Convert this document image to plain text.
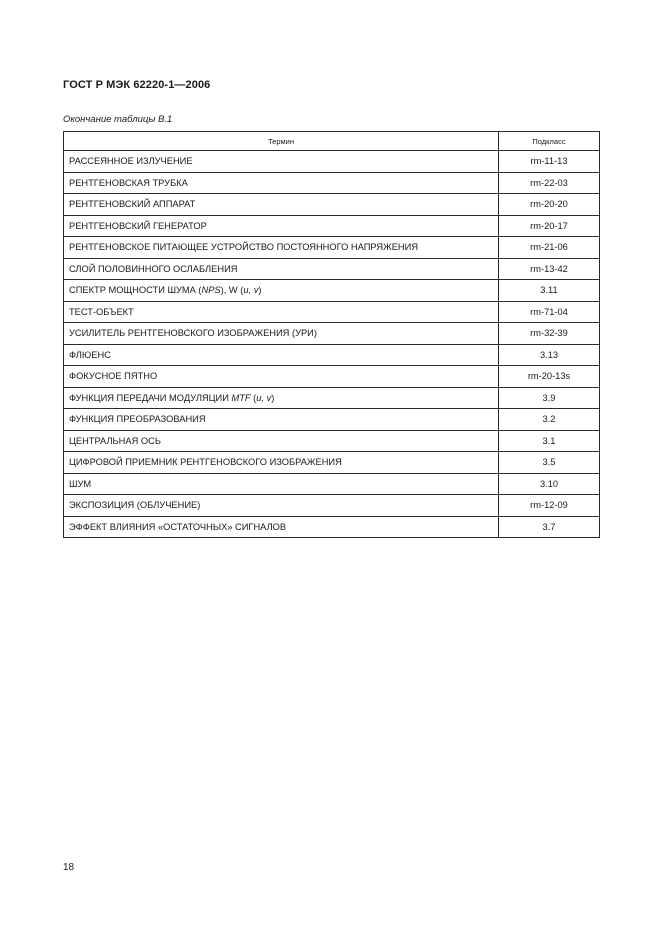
ГОСТ Р МЭК 62220-1—2006
Окончание таблицы B.1
Термин	Подкласс
РАССЕЯННОЕ ИЗЛУЧЕНИЕ	rm-11-13
РЕНТГЕНОВСКАЯ ТРУБКА	rm-22-03
РЕНТГЕНОВСКИЙ АППАРАТ	rm-20-20
РЕНТГЕНОВСКИЙ ГЕНЕРАТОР	rm-20-17
РЕНТГЕНОВСКОЕ ПИТАЮЩЕЕ УСТРОЙСТВО ПОСТОЯННОГО НАПРЯЖЕНИЯ	rm-21-06
СЛОЙ ПОЛОВИННОГО ОСЛАБЛЕНИЯ	rm-13-42
СПЕКТР МОЩНОСТИ ШУМА (NPS), W (u, v)	3.11
ТЕСТ-ОБЪЕКТ	rm-71-04
УСИЛИТЕЛЬ РЕНТГЕНОВСКОГО ИЗОБРАЖЕНИЯ (УРИ)	rm-32-39
ФЛЮЕНС	3.13
ФОКУСНОЕ ПЯТНО	rm-20-13s
ФУНКЦИЯ ПЕРЕДАЧИ МОДУЛЯЦИИ MTF (u, v)	3.9
ФУНКЦИЯ ПРЕОБРАЗОВАНИЯ	3.2
ЦЕНТРАЛЬНАЯ ОСЬ	3.1
ЦИФРОВОЙ ПРИЕМНИК РЕНТГЕНОВСКОГО ИЗОБРАЖЕНИЯ	3.5
ШУМ	3.10
ЭКСПОЗИЦИЯ (ОБЛУЧЕНИЕ)	rm-12-09
ЭФФЕКТ ВЛИЯНИЯ «ОСТАТОЧНЫХ» СИГНАЛОВ	3.7
18
